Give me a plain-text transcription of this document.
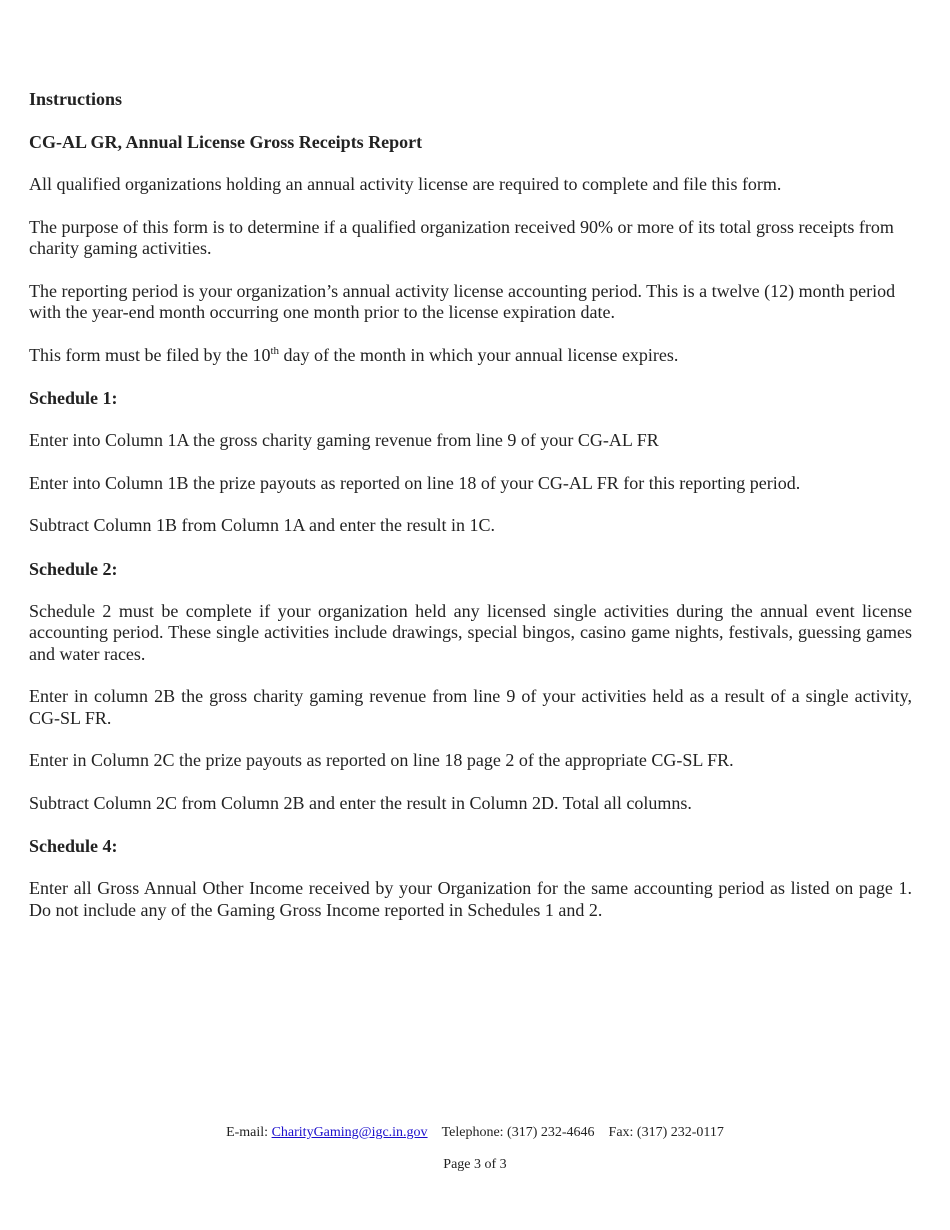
Instructions
CG-AL GR, Annual License Gross Receipts Report
All qualified organizations holding an annual activity license are required to complete and file this form.
The purpose of this form is to determine if a qualified organization received 90% or more of its total gross receipts from charity gaming activities.
The reporting period is your organization’s annual activity license accounting period. This is a twelve (12) month period with the year-end month occurring one month prior to the license expiration date.
This form must be filed by the 10th day of the month in which your annual license expires.
Schedule 1:
Enter into Column 1A the gross charity gaming revenue from line 9 of your CG-AL FR
Enter into Column 1B the prize payouts as reported on line 18 of your CG-AL FR for this reporting period.
Subtract Column 1B from Column 1A and enter the result in 1C.
Schedule 2:
Schedule 2 must be complete if your organization held any licensed single activities during the annual event license accounting period. These single activities include drawings, special bingos, casino game nights, festivals, guessing games and water races.
Enter in column 2B the gross charity gaming revenue from line 9 of your activities held as a result of a single activity, CG-SL FR.
Enter in Column 2C the prize payouts as reported on line 18 page 2 of the appropriate CG-SL FR.
Subtract Column 2C from Column 2B and enter the result in Column 2D. Total all columns.
Schedule 4:
Enter all Gross Annual Other Income received by your Organization for the same accounting period as listed on page 1. Do not include any of the Gaming Gross Income reported in Schedules 1 and 2.
E-mail: CharityGaming@igc.in.gov Telephone: (317) 232-4646 Fax: (317) 232-0117
Page 3 of 3
